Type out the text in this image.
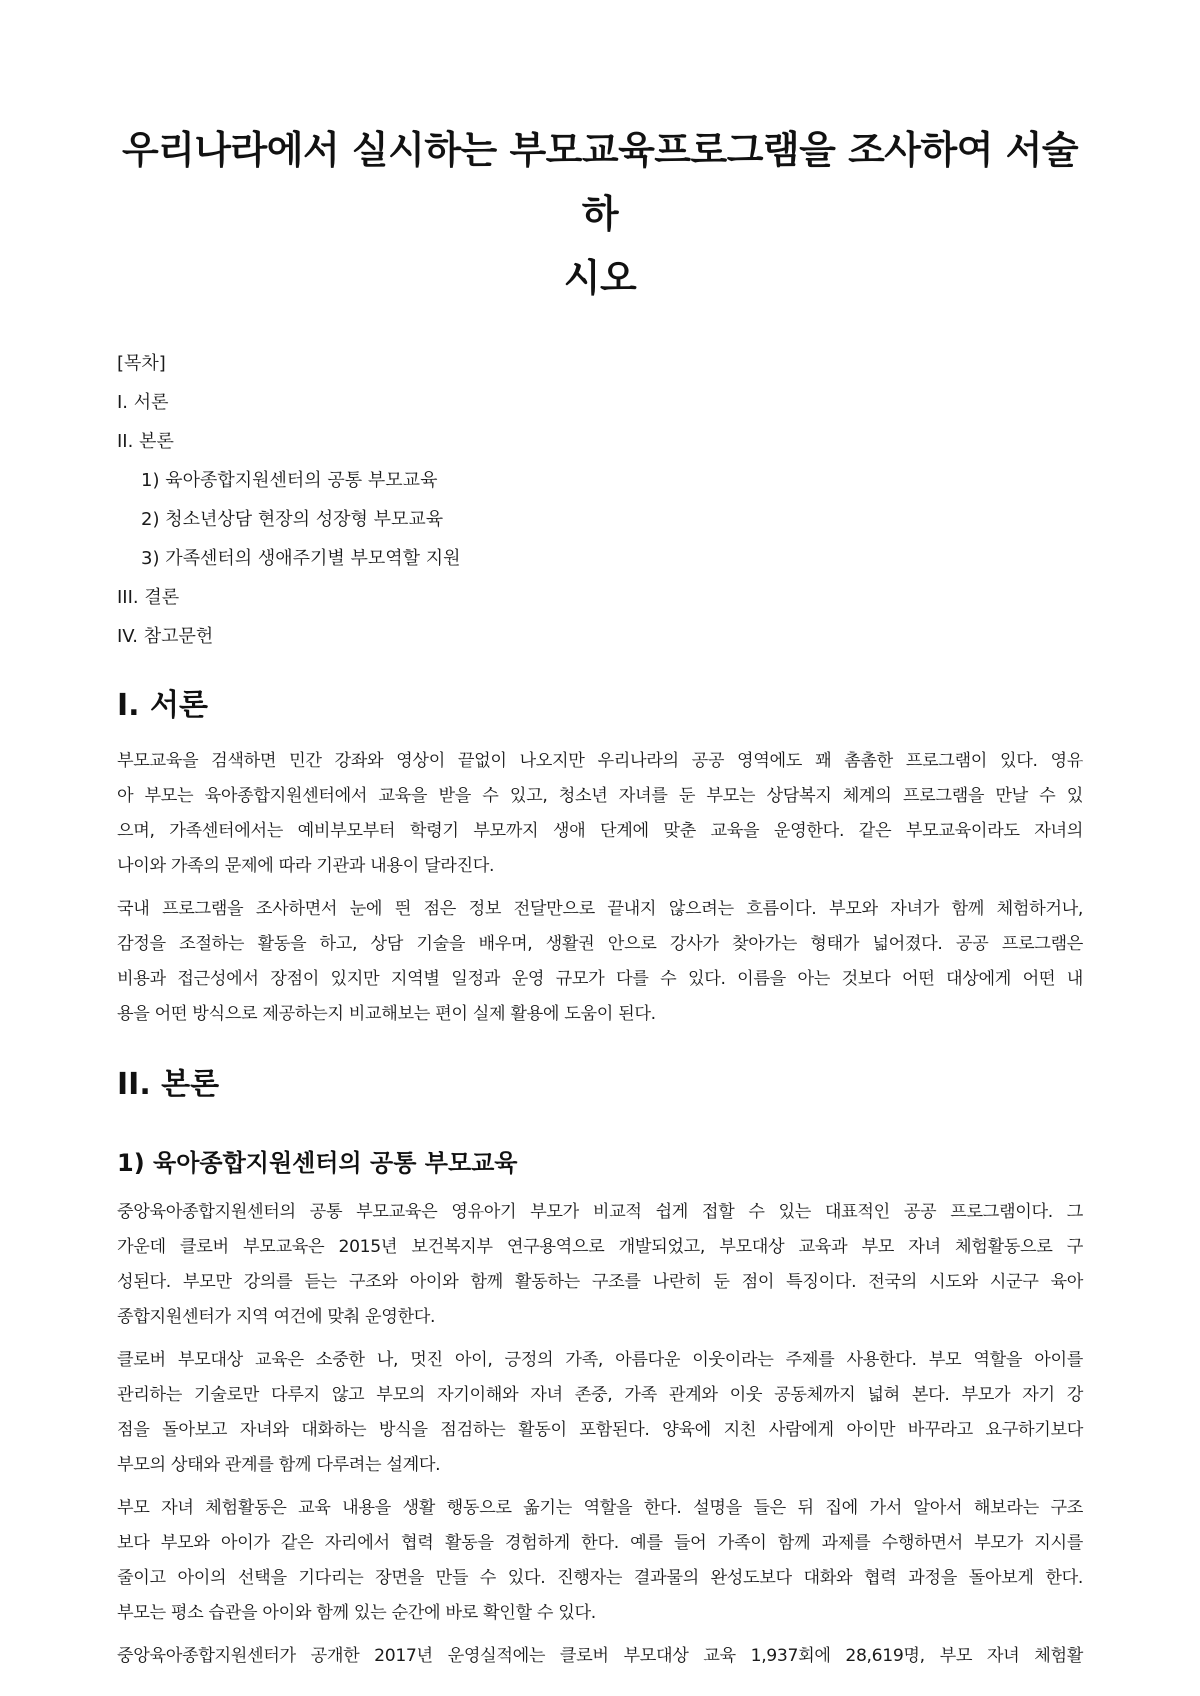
우리나라에서 실시하는 부모교육프로그램을 조사하여 서술하
시오
[목차]
I. 서론
II. 본론
1) 육아종합지원센터의 공통 부모교육
2) 청소년상담 현장의 성장형 부모교육
3) 가족센터의 생애주기별 부모역할 지원
III. 결론
IV. 참고문헌
I. 서론

부모교육을 검색하면 민간 강좌와 영상이 끝없이 나오지만 우리나라의 공공 영역에도 꽤 촘촘한 프로그램이 있다. 영유
아 부모는 육아종합지원센터에서 교육을 받을 수 있고, 청소년 자녀를 둔 부모는 상담복지 체계의 프로그램을 만날 수 있
으며, 가족센터에서는 예비부모부터 학령기 부모까지 생애 단계에 맞춘 교육을 운영한다. 같은 부모교육이라도 자녀의
나이와 가족의 문제에 따라 기관과 내용이 달라진다.

국내 프로그램을 조사하면서 눈에 띈 점은 정보 전달만으로 끝내지 않으려는 흐름이다. 부모와 자녀가 함께 체험하거나,
감정을 조절하는 활동을 하고, 상담 기술을 배우며, 생활권 안으로 강사가 찾아가는 형태가 넓어졌다. 공공 프로그램은
비용과 접근성에서 장점이 있지만 지역별 일정과 운영 규모가 다를 수 있다. 이름을 아는 것보다 어떤 대상에게 어떤 내
용을 어떤 방식으로 제공하는지 비교해보는 편이 실제 활용에 도움이 된다.

II. 본론
1) 육아종합지원센터의 공통 부모교육

중앙육아종합지원센터의 공통 부모교육은 영유아기 부모가 비교적 쉽게 접할 수 있는 대표적인 공공 프로그램이다. 그
가운데 클로버 부모교육은 2015년 보건복지부 연구용역으로 개발되었고, 부모대상 교육과 부모 자녀 체험활동으로 구
성된다. 부모만 강의를 듣는 구조와 아이와 함께 활동하는 구조를 나란히 둔 점이 특징이다. 전국의 시도와 시군구 육아
종합지원센터가 지역 여건에 맞춰 운영한다.

클로버 부모대상 교육은 소중한 나, 멋진 아이, 긍정의 가족, 아름다운 이웃이라는 주제를 사용한다. 부모 역할을 아이를
관리하는 기술로만 다루지 않고 부모의 자기이해와 자녀 존중, 가족 관계와 이웃 공동체까지 넓혀 본다. 부모가 자기 강
점을 돌아보고 자녀와 대화하는 방식을 점검하는 활동이 포함된다. 양육에 지친 사람에게 아이만 바꾸라고 요구하기보다
부모의 상태와 관계를 함께 다루려는 설계다.

부모 자녀 체험활동은 교육 내용을 생활 행동으로 옮기는 역할을 한다. 설명을 들은 뒤 집에 가서 알아서 해보라는 구조
보다 부모와 아이가 같은 자리에서 협력 활동을 경험하게 한다. 예를 들어 가족이 함께 과제를 수행하면서 부모가 지시를
줄이고 아이의 선택을 기다리는 장면을 만들 수 있다. 진행자는 결과물의 완성도보다 대화와 협력 과정을 돌아보게 한다.
부모는 평소 습관을 아이와 함께 있는 순간에 바로 확인할 수 있다.

중앙육아종합지원센터가 공개한 2017년 운영실적에는 클로버 부모대상 교육 1,937회에 28,619명, 부모 자녀 체험활
